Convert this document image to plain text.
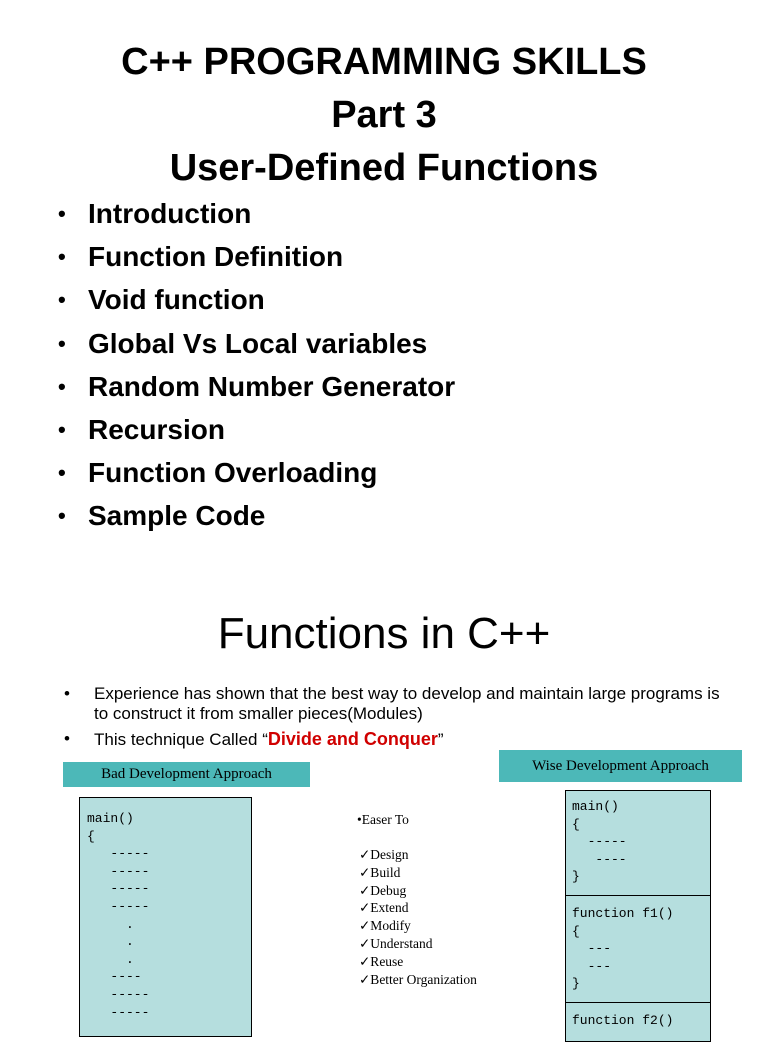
C++ PROGRAMMING SKILLS
Part 3
User-Defined Functions
• Introduction
• Function Definition
• Void function
• Global Vs Local variables
• Random Number Generator
• Recursion
• Function Overloading
• Sample Code
Functions in C++
•	Experience has shown that the best way to develop and maintain large programs is to construct it from smaller pieces(Modules)
•	This technique Called “Divide and Conquer”
Bad Development Approach
main()
{
-----
-----
-----
-----
.
.
.
----
-----
-----
•Easer To
✓Design
✓Build
✓Debug
✓Extend
✓Modify
✓Understand
✓Reuse
✓Better Organization
Wise Development Approach
main()
{
-----
----
}
function f1()
{
---
---
}
function f2()
